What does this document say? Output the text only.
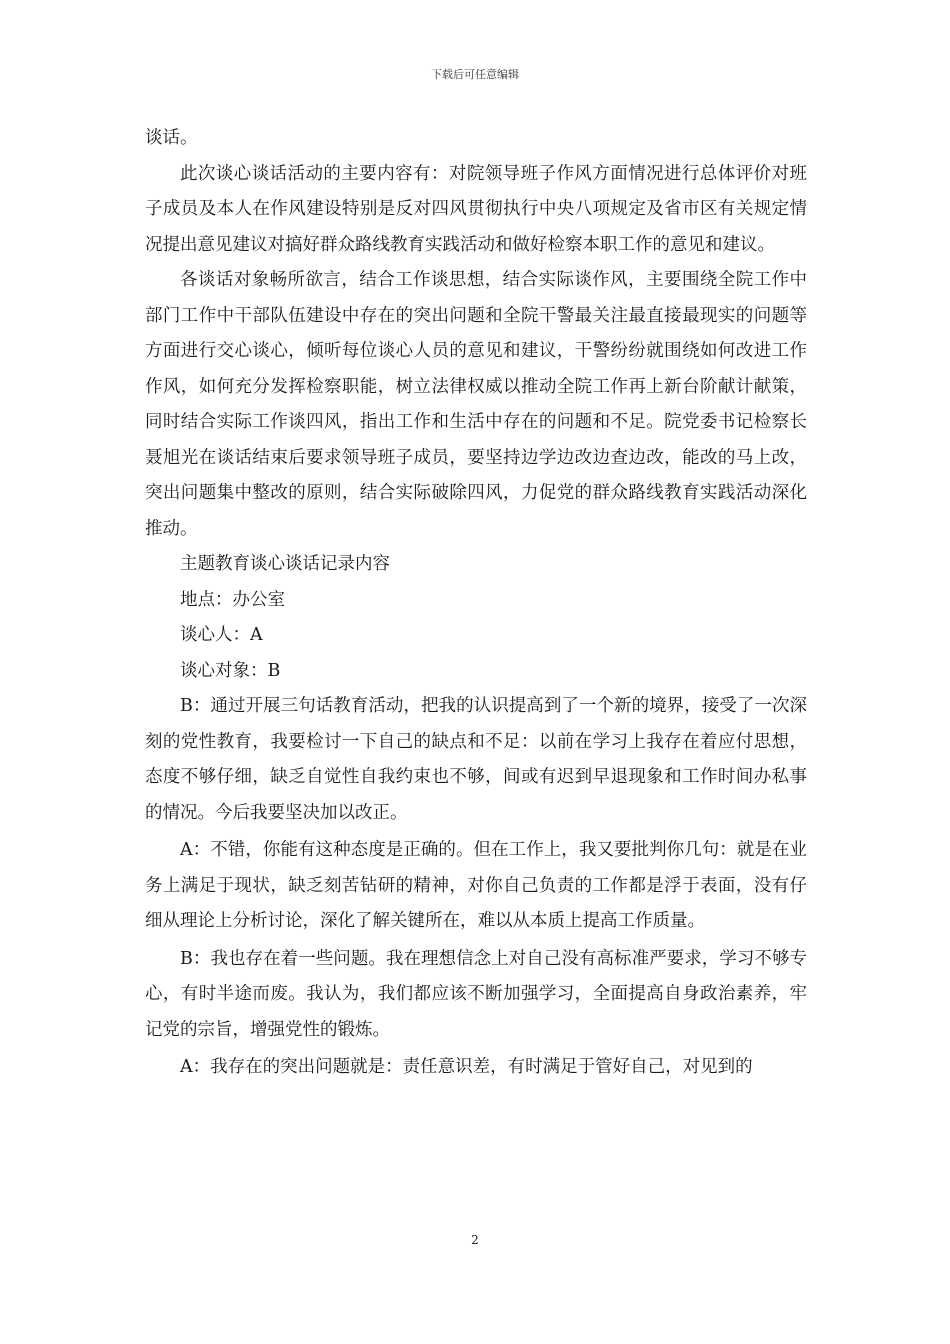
下载后可任意编辑

谈话。

此次谈心谈话活动的主要内容有：对院领导班子作风方面情况进行总体评价对班子成员及本人在作风建设特别是反对四风贯彻执行中央八项规定及省市区有关规定情况提出意见建议对搞好群众路线教育实践活动和做好检察本职工作的意见和建议。

各谈话对象畅所欲言，结合工作谈思想，结合实际谈作风，主要围绕全院工作中部门工作中干部队伍建设中存在的突出问题和全院干警最关注最直接最现实的问题等方面进行交心谈心，倾听每位谈心人员的意见和建议，干警纷纷就围绕如何改进工作作风，如何充分发挥检察职能，树立法律权威以推动全院工作再上新台阶献计献策，同时结合实际工作谈四风，指出工作和生活中存在的问题和不足。院党委书记检察长聂旭光在谈话结束后要求领导班子成员，要坚持边学边改边查边改，能改的马上改，突出问题集中整改的原则，结合实际破除四风，力促党的群众路线教育实践活动深化推动。

主题教育谈心谈话记录内容

地点：办公室

谈心人：A

谈心对象：B

B：通过开展三句话教育活动，把我的认识提高到了一个新的境界，接受了一次深刻的党性教育，我要检讨一下自己的缺点和不足：以前在学习上我存在着应付思想，态度不够仔细，缺乏自觉性自我约束也不够，间或有迟到早退现象和工作时间办私事的情况。今后我要坚决加以改正。

A：不错，你能有这种态度是正确的。但在工作上，我又要批判你几句：就是在业务上满足于现状，缺乏刻苦钻研的精神，对你自己负责的工作都是浮于表面，没有仔细从理论上分析讨论，深化了解关键所在，难以从本质上提高工作质量。

B：我也存在着一些问题。我在理想信念上对自己没有高标准严要求，学习不够专心，有时半途而废。我认为，我们都应该不断加强学习，全面提高自身政治素养，牢记党的宗旨，增强党性的锻炼。

A：我存在的突出问题就是：责任意识差，有时满足于管好自己，对见到的

2
